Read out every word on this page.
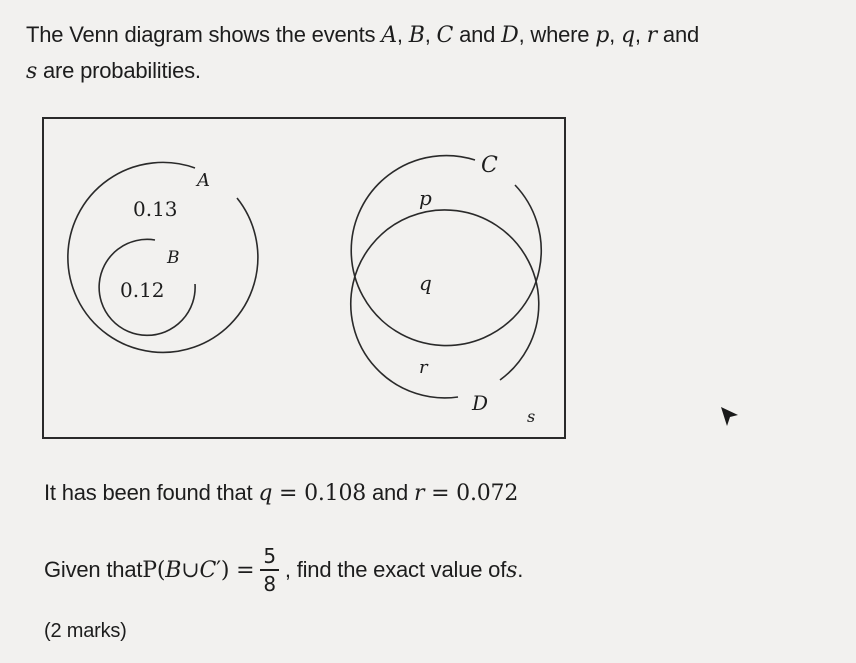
The Venn diagram shows the events A, B, C and D, where p, q, r and
s are probabilities.
A
B
0.13
0.12
C
D
p
q
r
s
It has been found that q = 0.108 and r = 0.072
Given that P ( B ∪ C ′) = $\frac{5}{8}$ , find the exact value of s .
(2 marks)
